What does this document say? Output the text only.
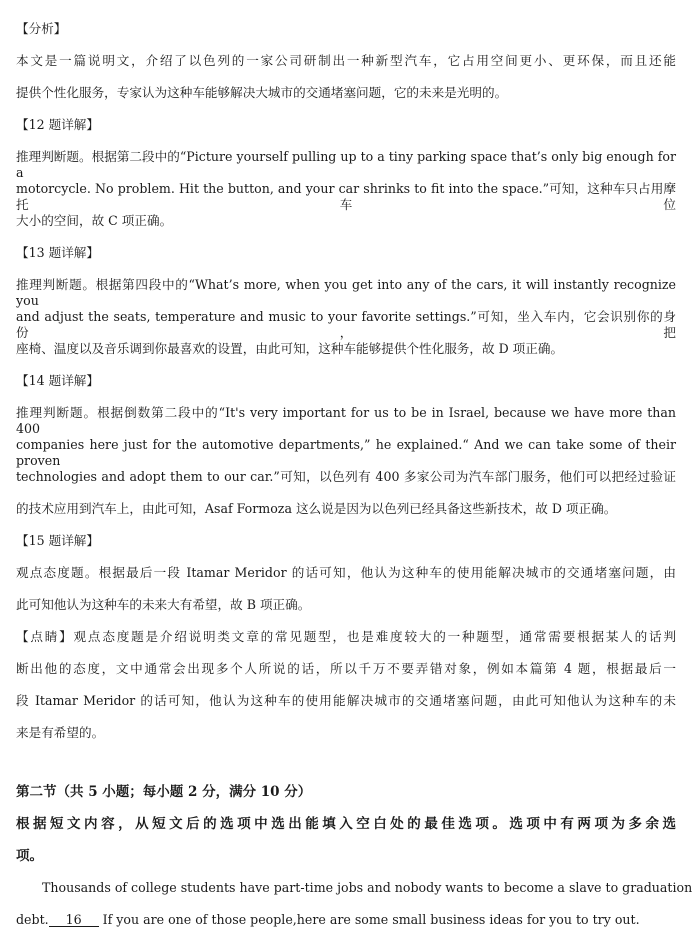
【分析】
本文是一篇说明文，介绍了以色列的一家公司研制出一种新型汽车，它占用空间更小、更环保，而且还能
提供个性化服务，专家认为这种车能够解决大城市的交通堵塞问题，它的未来是光明的。
【12 题详解】
推理判断题。根据第二段中的“Picture yourself pulling up to a tiny parking space that’s only big enough for a
motorcycle. No problem. Hit the button, and your car shrinks to fit into the space.”可知，这种车只占用摩托车位
大小的空间，故 C 项正确。
【13 题详解】
推理判断题。根据第四段中的“What’s more, when you get into any of the cars, it will instantly recognize you
and adjust the seats, temperature and music to your favorite settings.”可知，坐入车内，它会识别你的身份，把
座椅、温度以及音乐调到你最喜欢的设置，由此可知，这种车能够提供个性化服务，故 D 项正确。
【14 题详解】
推理判断题。根据倒数第二段中的“It's very important for us to be in Israel, because we have more than 400
companies here just for the automotive departments,” he explained.“ And we can take some of their proven
technologies and adopt them to our car.”可知，以色列有 400 多家公司为汽车部门服务，他们可以把经过验证
的技术应用到汽车上，由此可知，Asaf Formoza 这么说是因为以色列已经具备这些新技术，故 D 项正确。
【15 题详解】
观点态度题。根据最后一段 Itamar Meridor 的话可知，他认为这种车的使用能解决城市的交通堵塞问题，由
此可知他认为这种车的未来大有希望，故 B 项正确。
【点睛】观点态度题是介绍说明类文章的常见题型，也是难度较大的一种题型，通常需要根据某人的话判
断出他的态度，文中通常会出现多个人所说的话，所以千万不要弄错对象，例如本篇第 4 题，根据最后一
段 Itamar Meridor 的话可知，他认为这种车的使用能解决城市的交通堵塞问题，由此可知他认为这种车的未
来是有希望的。
第二节（共 5 小题；每小题 2 分，满分 10 分）
根据短文内容，从短文后的选项中选出能填入空白处的最佳选项。选项中有两项为多余选
项。
Thousands of college students have part-time jobs and nobody wants to become a slave to graduation
debt. 16 If you are one of those people,here are some small business ideas for you to try out.
